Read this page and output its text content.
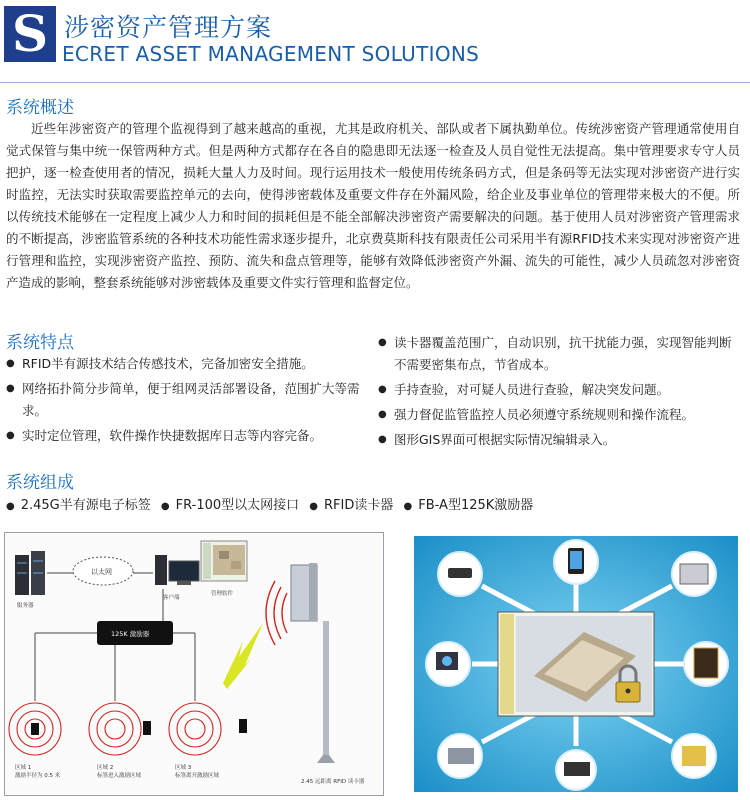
S 涉密资产管理方案
ECRET ASSET MANAGEMENT SOLUTIONS
系统概述
近些年涉密资产的管理个监视得到了越来越高的重视，尤其是政府机关、部队或者下属执勤单位。传统涉密资产管理通常使用自觉式保管与集中统一保管两种方式。但是两种方式都存在各自的隐患即无法逐一检查及人员自觉性无法提高。集中管理要求专守人员把护，逐一检查使用者的情况，损耗大量人力及时间。现行运用技术一般使用传统条码方式，但是条码等无法实现对涉密资产进行实时监控，无法实时获取需要监控单元的去向，使得涉密载体及重要文件存在外漏风险，给企业及事业单位的管理带来极大的不便。所以传统技术能够在一定程度上减少人力和时间的损耗但是不能全部解决涉密资产需要解决的问题。基于使用人员对涉密资产管理需求的不断提高，涉密监管系统的各种技术功能性需求逐步提升，北京费莫斯科技有限责任公司采用半有源RFID技术来实现对涉密资产进行管理和监控，实现涉密资产监控、预防、流失和盘点管理等，能够有效降低涉密资产外漏、流失的可能性，减少人员疏忽对涉密资产造成的影响，整套系统能够对涉密载体及重要文件实行管理和监督定位。
系统特点
● RFID半有源技术结合传感技术，完备加密安全措施。
● 网络拓扑简分步简单，便于组网灵活部署设备，范围扩大等需求。
● 实时定位管理，软件操作快捷数据库日志等内容完备。
● 读卡器覆盖范围广，自动识别，抗干扰能力强，实现智能判断不需要密集布点，节省成本。
● 手持查验，对可疑人员进行查验，解决突发问题。
● 强力督促监管监控人员必须遵守系统规则和操作流程。
● 图形GIS界面可根据实际情况编辑录入。
系统组成
● 2.45G半有源电子标签 ● FR-100型以太网接口 ● RFID读卡器 ● FB-A型125K激励器
服务器
以太网
客户端
管理软件
125K 激励器
2.45 远距离 RFID 读卡器
区域 1
激励半径为 0.5 米
区域 2
标签进入激励区域
区域 3
标签离开激励区域
